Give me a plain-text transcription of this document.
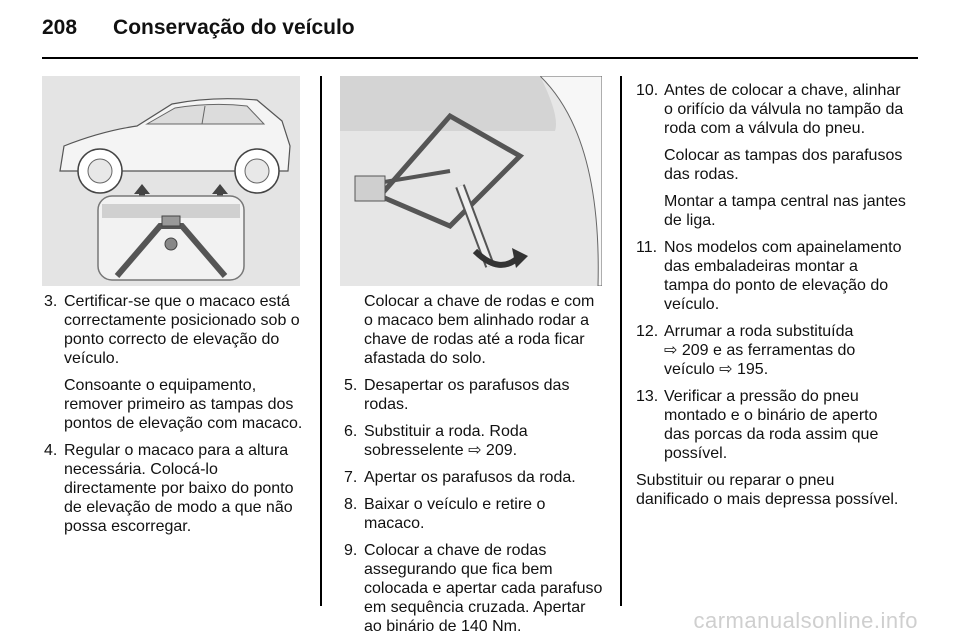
208 Conservação do veículo
3. Certificar-se que o macaco está correctamente posicionado sob o ponto correcto de elevação do veículo.

Consoante o equipamento, remover primeiro as tampas dos pontos de elevação com macaco.

4. Regular o macaco para a altura necessária. Colocá-lo directamente por baixo do ponto de elevação de modo a que não possa escorregar.

Colocar a chave de rodas e com o macaco bem alinhado rodar a chave de rodas até a roda ficar afastada do solo.

5. Desapertar os parafusos das rodas.
6. Substituir a roda. Roda sobresselente ⇨ 209.
7. Apertar os parafusos da roda.
8. Baixar o veículo e retire o macaco.
9. Colocar a chave de rodas assegurando que fica bem colocada e apertar cada parafuso em sequência cruzada. Apertar ao binário de 140 Nm.
10. Antes de colocar a chave, alinhar o orifício da válvula no tampão da roda com a válvula do pneu.

Colocar as tampas dos parafusos das rodas.

Montar a tampa central nas jantes de liga.

11. Nos modelos com apainelamento das embaladeiras montar a tampa do ponto de elevação do veículo.
12. Arrumar a roda substituída
⇨ 209 e as ferramentas do veículo ⇨ 195.
13. Verificar a pressão do pneu montado e o binário de aperto das porcas da roda assim que possível.

Substituir ou reparar o pneu danificado o mais depressa possível.

carmanualsonline.info
